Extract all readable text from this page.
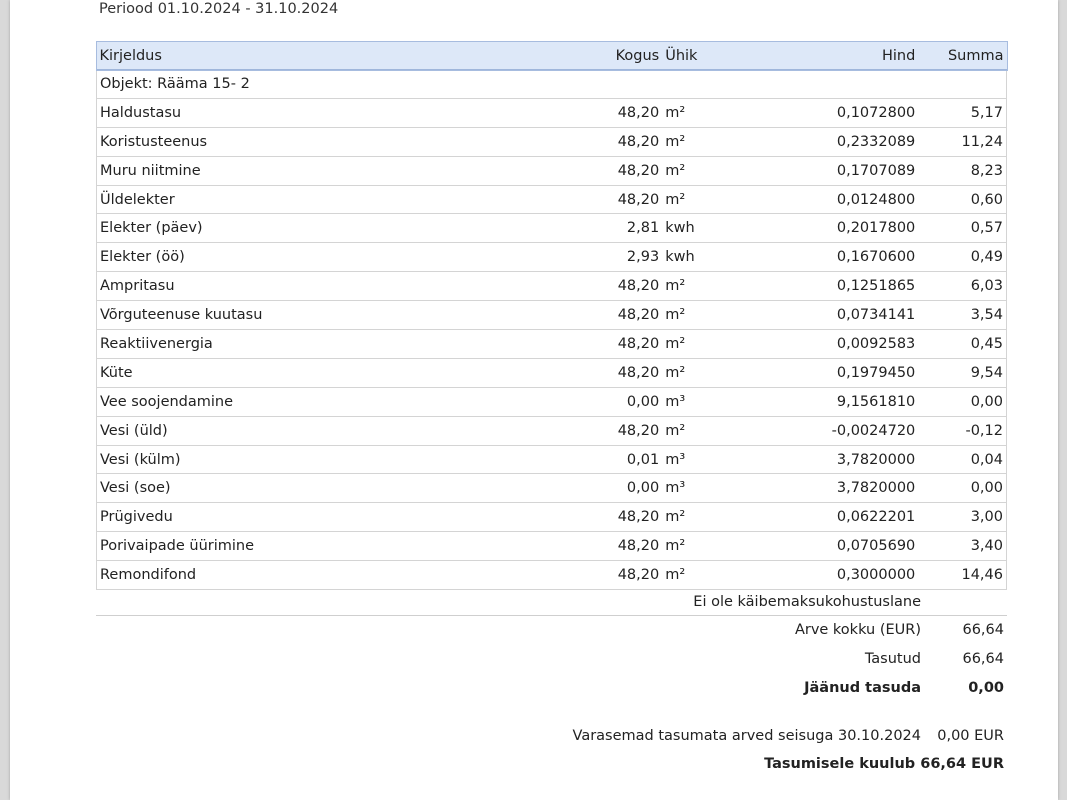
Periood 01.10.2024 - 31.10.2024
Kirjeldus	Kogus	Ühik	Hind	Summa
Objekt: Rääma 15- 2				
Haldustasu	48,20	m²	0,1072800	5,17
Koristusteenus	48,20	m²	0,2332089	11,24
Muru niitmine	48,20	m²	0,1707089	8,23
Üldelekter	48,20	m²	0,0124800	0,60
Elekter (päev)	2,81	kwh	0,2017800	0,57
Elekter (öö)	2,93	kwh	0,1670600	0,49
Ampritasu	48,20	m²	0,1251865	6,03
Võrguteenuse kuutasu	48,20	m²	0,0734141	3,54
Reaktiivenergia	48,20	m²	0,0092583	0,45
Küte	48,20	m²	0,1979450	9,54
Vee soojendamine	0,00	m³	9,1561810	0,00
Vesi (üld)	48,20	m²	-0,0024720	-0,12
Vesi (külm)	0,01	m³	3,7820000	0,04
Vesi (soe)	0,00	m³	3,7820000	0,00
Prügivedu	48,20	m²	0,0622201	3,00
Porivaipade üürimine	48,20	m²	0,0705690	3,40
Remondifond	48,20	m²	0,3000000	14,46
Ei ole käibemaksukohustuslane
Arve kokku (EUR)	66,64
Tasutud	66,64
Jäänud tasuda	0,00
Varasemad tasumata arved seisuga 30.10.2024 0,00 EUR
Tasumisele kuulub 66,64 EUR
